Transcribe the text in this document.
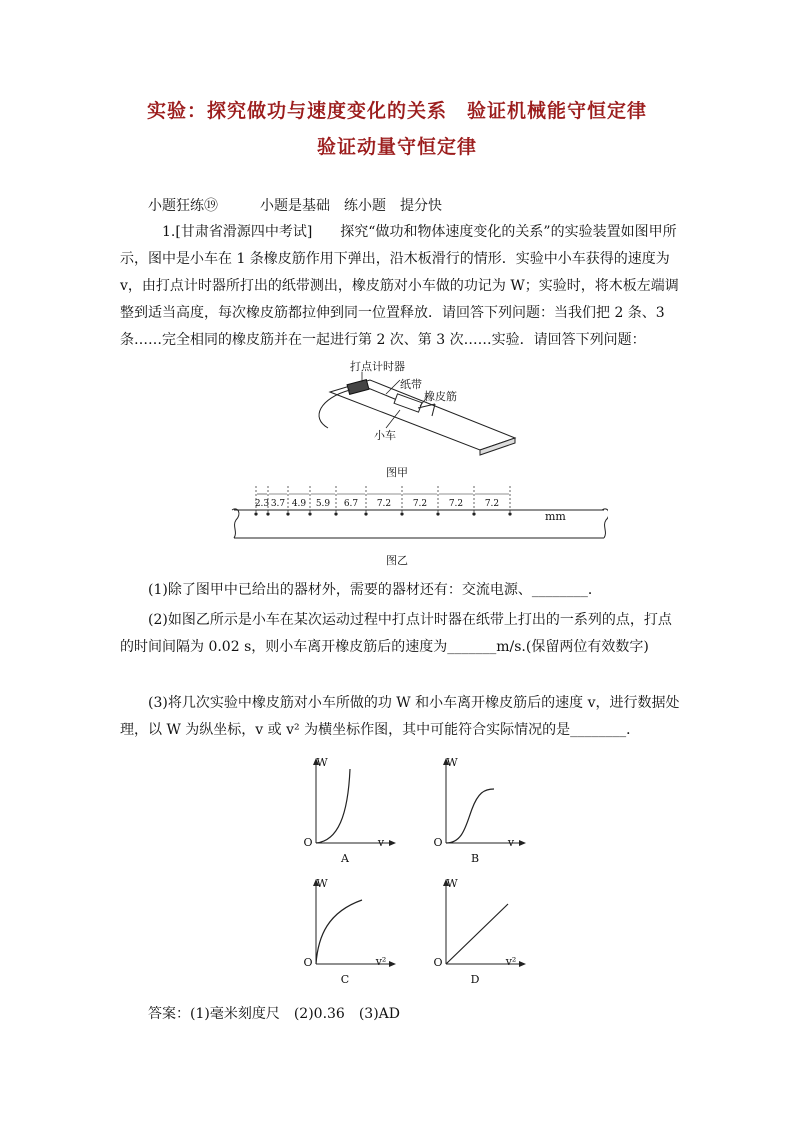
实验：探究做功与速度变化的关系　验证机械能守恒定律
验证动量守恒定律
小题狂练⑲　　　小题是基础　练小题　提分快
1.[甘肃省滑源四中考试]　　探究“做功和物体速度变化的关系”的实验装置如图甲所
示，图中是小车在 1 条橡皮筋作用下弹出，沿木板滑行的情形．实验中小车获得的速度为
v，由打点计时器所打出的纸带测出，橡皮筋对小车做的功记为 W；实验时，将木板左端调
整到适当高度，每次橡皮筋都拉伸到同一位置释放．请回答下列问题：当我们把 2 条、3
条……完全相同的橡皮筋并在一起进行第 2 次、第 3 次……实验．请回答下列问题：
打点计时器
纸带
橡皮筋
小车
图甲
2.3 3.7 4.9 5.9 6.7 7.2 7.2 7.2 7.2
mm
图乙
(1)除了图甲中已给出的器材外，需要的器材还有：交流电源、________．
(2)如图乙所示是小车在某次运动过程中打点计时器在纸带上打出的一系列的点，打点
的时间间隔为 0.02 s，则小车离开橡皮筋后的速度为_______m/s.(保留两位有效数字)
(3)将几次实验中橡皮筋对小车所做的功 W 和小车离开橡皮筋后的速度 v，进行数据处
理，以 W 为纵坐标，v 或 v² 为横坐标作图，其中可能符合实际情况的是________．
W
O	v
A
W
O	v
B
W
O	v²
C
W
O	v²
D
答案：(1)毫米刻度尺　(2)0.36　(3)AD
